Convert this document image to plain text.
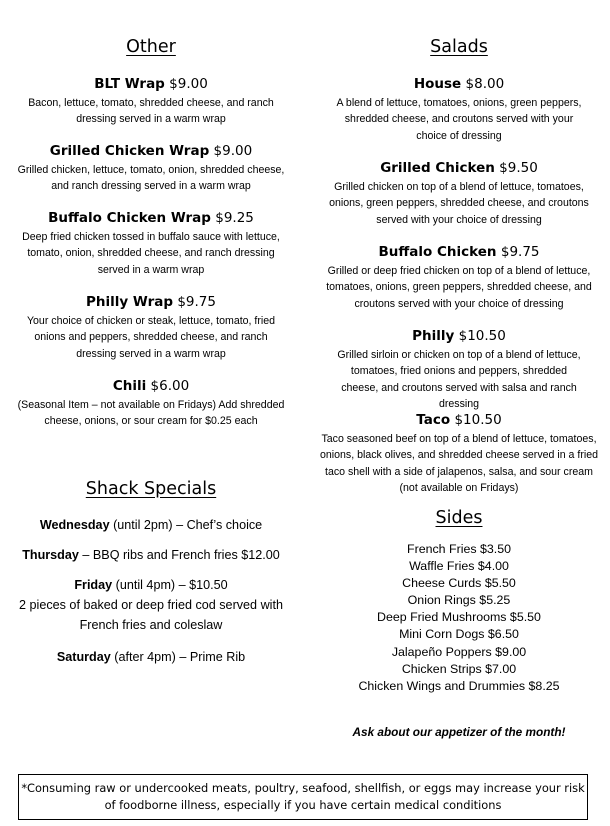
Other
BLT Wrap $9.00
Bacon, lettuce, tomato, shredded cheese, and ranch dressing served in a warm wrap
Grilled Chicken Wrap $9.00
Grilled chicken, lettuce, tomato, onion, shredded cheese, and ranch dressing served in a warm wrap
Buffalo Chicken Wrap $9.25
Deep fried chicken tossed in buffalo sauce with lettuce, tomato, onion, shredded cheese, and ranch dressing served in a warm wrap
Philly Wrap $9.75
Your choice of chicken or steak, lettuce, tomato, fried onions and peppers, shredded cheese, and ranch dressing served in a warm wrap
Chili $6.00
(Seasonal Item – not available on Fridays) Add shredded cheese, onions, or sour cream for $0.25 each
Shack Specials
Wednesday (until 2pm) – Chef’s choice
Thursday – BBQ ribs and French fries $12.00
Friday (until 4pm) – $10.50
2 pieces of baked or deep fried cod served with French fries and coleslaw
Saturday (after 4pm) – Prime Rib
Salads
House $8.00
A blend of lettuce, tomatoes, onions, green peppers, shredded cheese, and croutons served with your choice of dressing
Grilled Chicken $9.50
Grilled chicken on top of a blend of lettuce, tomatoes, onions, green peppers, shredded cheese, and croutons served with your choice of dressing
Buffalo Chicken $9.75
Grilled or deep fried chicken on top of a blend of lettuce, tomatoes, onions, green peppers, shredded cheese, and croutons served with your choice of dressing
Philly $10.50
Grilled sirloin or chicken on top of a blend of lettuce, tomatoes, fried onions and peppers, shredded cheese, and croutons served with salsa and ranch dressing
Taco $10.50
Taco seasoned beef on top of a blend of lettuce, tomatoes, onions, black olives, and shredded cheese served in a fried taco shell with a side of jalapenos, salsa, and sour cream (not available on Fridays)
Sides
French Fries $3.50
Waffle Fries $4.00
Cheese Curds $5.50
Onion Rings $5.25
Deep Fried Mushrooms $5.50
Mini Corn Dogs $6.50
Jalapeño Poppers $9.00
Chicken Strips $7.00
Chicken Wings and Drummies $8.25
Ask about our appetizer of the month!
*Consuming raw or undercooked meats, poultry, seafood, shellfish, or eggs may increase your risk of foodborne illness, especially if you have certain medical conditions
